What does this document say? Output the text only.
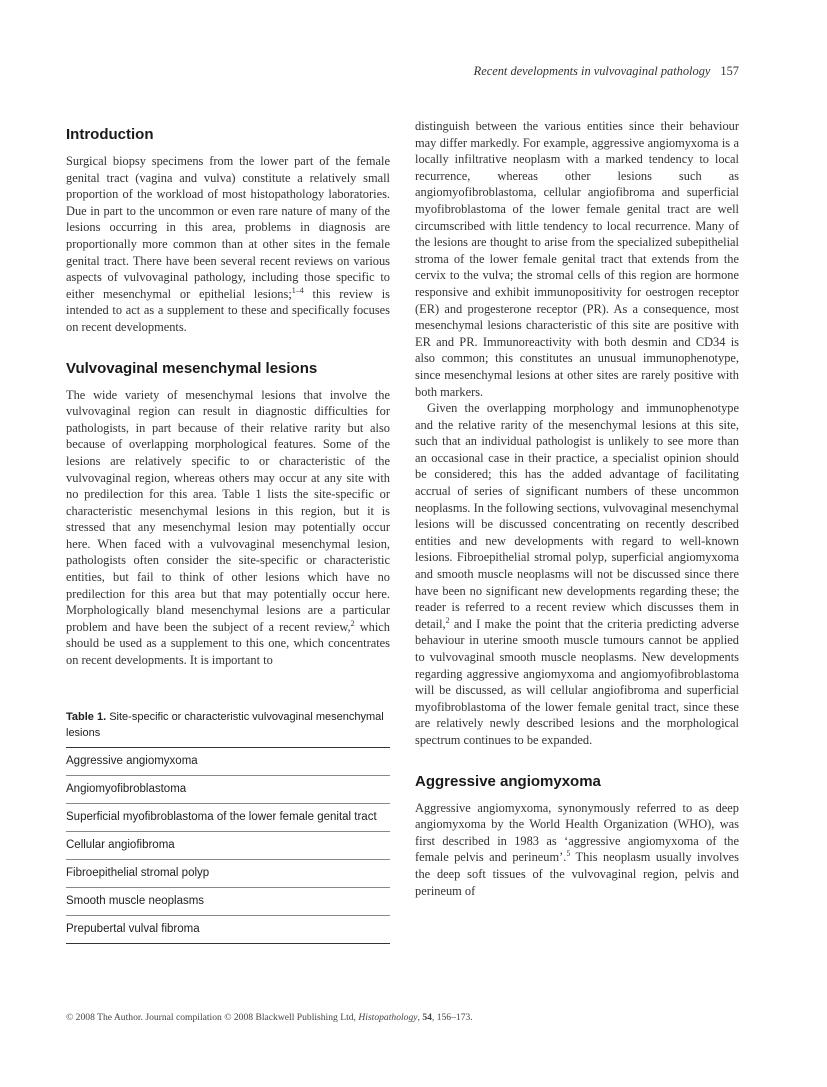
Recent developments in vulvovaginal pathology 157
Introduction

Surgical biopsy specimens from the lower part of the female genital tract (vagina and vulva) constitute a relatively small proportion of the workload of most histopathology laboratories. Due in part to the uncommon or even rare nature of many of the lesions occurring in this area, problems in diagnosis are proportionally more common than at other sites in the female genital tract. There have been several recent reviews on various aspects of vulvovaginal pathology, including those specific to either mesenchymal or epithelial lesions;$^{1-4}$ this review is intended to act as a supplement to these and specifically focuses on recent developments.

Vulvovaginal mesenchymal lesions

The wide variety of mesenchymal lesions that involve the vulvovaginal region can result in diagnostic difficulties for pathologists, in part because of their relative rarity but also because of overlapping morphological features. Some of the lesions are relatively specific to or characteristic of the vulvovaginal region, whereas others may occur at any site with no predilection for this area. Table 1 lists the site-specific or characteristic mesenchymal lesions in this region, but it is stressed that any mesenchymal lesion may potentially occur here. When faced with a vulvovaginal mesenchymal lesion, pathologists often consider the site-specific or characteristic entities, but fail to think of other lesions which have no predilection for this area but that may potentially occur here. Morphologically bland mesenchymal lesions are a particular problem and have been the subject of a recent review,$^2$ which should be used as a supplement to this one, which concentrates on recent developments. It is important to

Table 1. Site-specific or characteristic vulvovaginal mesenchymal lesions
Aggressive angiomyxoma
Angiomyofibroblastoma
Superficial myofibroblastoma of the lower female genital tract
Cellular angiofibroma
Fibroepithelial stromal polyp
Smooth muscle neoplasms
Prepubertal vulval fibroma

distinguish between the various entities since their behaviour may differ markedly. For example, aggressive angiomyxoma is a locally infiltrative neoplasm with a marked tendency to local recurrence, whereas other lesions such as angiomyofibroblastoma, cellular angiofibroma and superficial myofibroblastoma of the lower female genital tract are well circumscribed with little tendency to local recurrence. Many of the lesions are thought to arise from the specialized subepithelial stroma of the lower female genital tract that extends from the cervix to the vulva; the stromal cells of this region are hormone responsive and exhibit immunopositivity for oestrogen receptor (ER) and progesterone receptor (PR). As a consequence, most mesenchymal lesions characteristic of this site are positive with ER and PR. Immunoreactivity with both desmin and CD34 is also common; this constitutes an unusual immunophenotype, since mesenchymal lesions at other sites are rarely positive with both markers.

Given the overlapping morphology and immunophenotype and the relative rarity of the mesenchymal lesions at this site, such that an individual pathologist is unlikely to see more than an occasional case in their practice, a specialist opinion should be considered; this has the added advantage of facilitating accrual of series of significant numbers of these uncommon neoplasms. In the following sections, vulvovaginal mesenchymal lesions will be discussed concentrating on recently described entities and new developments with regard to well-known lesions. Fibroepithelial stromal polyp, superficial angiomyxoma and smooth muscle neoplasms will not be discussed since there have been no significant new developments regarding these; the reader is referred to a recent review which discusses them in detail,$^2$ and I make the point that the criteria predicting adverse behaviour in uterine smooth muscle tumours cannot be applied to vulvovaginal smooth muscle neoplasms. New developments regarding aggressive angiomyxoma and angiomyofibroblastoma will be discussed, as will cellular angiofibroma and superficial myofibroblastoma of the lower female genital tract, since these are relatively newly described lesions and the morphological spectrum continues to be expanded.

Aggressive angiomyxoma

Aggressive angiomyxoma, synonymously referred to as deep angiomyxoma by the World Health Organization (WHO), was first described in 1983 as ‘aggressive angiomyxoma of the female pelvis and perineum’.$^5$ This neoplasm usually involves the deep soft tissues of the vulvovaginal region, pelvis and perineum of

© 2008 The Author. Journal compilation © 2008 Blackwell Publishing Ltd, Histopathology, 54, 156–173.
